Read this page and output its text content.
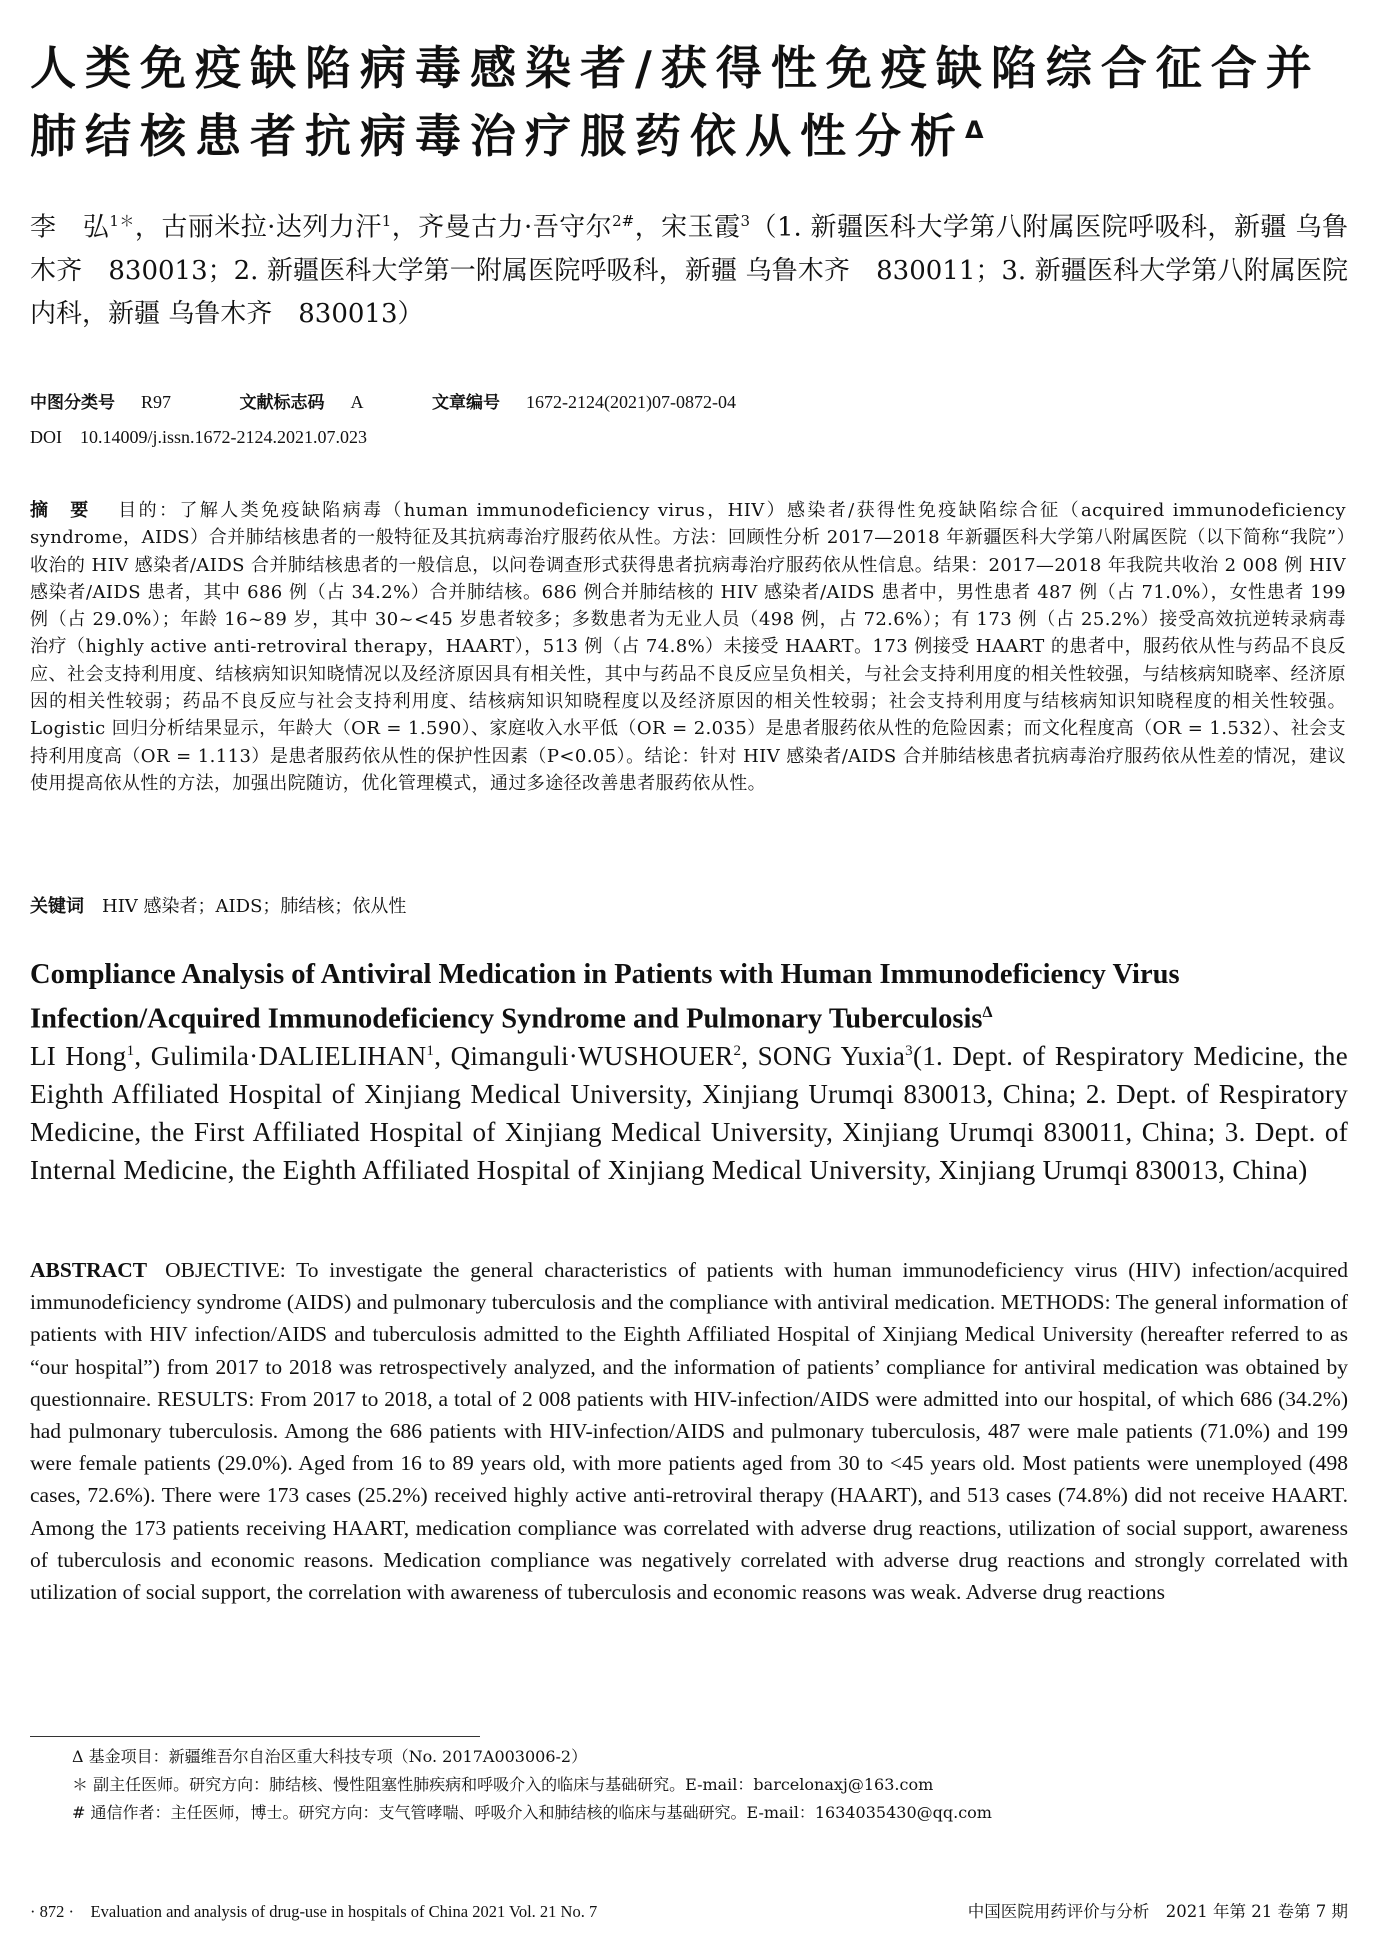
人类免疫缺陷病毒感染者/获得性免疫缺陷综合征合并肺结核患者抗病毒治疗服药依从性分析$^\Delta$

李　弘$^{1*}$，古丽米拉·达列力汗$^1$，齐曼古力·吾守尔$^{2\#}$，宋玉霞$^3$（1. 新疆医科大学第八附属医院呼吸科，新疆 乌鲁木齐　830013；2. 新疆医科大学第一附属医院呼吸科，新疆 乌鲁木齐　830011；3. 新疆医科大学第八附属医院内科，新疆 乌鲁木齐　830013）

中图分类号 R97	文献标志码 A	文章编号 1672-2124(2021)07-0872-04
DOI 10.14009/j.issn.1672-2124.2021.07.023

摘 要 目的：了解人类免疫缺陷病毒（human immunodeficiency virus，HIV）感染者/获得性免疫缺陷综合征（acquired immunodeficiency syndrome，AIDS）合并肺结核患者的一般特征及其抗病毒治疗服药依从性。方法：回顾性分析 2017—2018 年新疆医科大学第八附属医院（以下简称“我院”）收治的 HIV 感染者/AIDS 合并肺结核患者的一般信息，以问卷调查形式获得患者抗病毒治疗服药依从性信息。结果：2017—2018 年我院共收治 2 008 例 HIV 感染者/AIDS 患者，其中 686 例（占 34.2%）合并肺结核。686 例合并肺结核的 HIV 感染者/AIDS 患者中，男性患者 487 例（占 71.0%），女性患者 199 例（占 29.0%）；年龄 16~89 岁，其中 30~<45 岁患者较多；多数患者为无业人员（498 例，占 72.6%）；有 173 例（占 25.2%）接受高效抗逆转录病毒治疗（highly active anti-retroviral therapy，HAART），513 例（占 74.8%）未接受 HAART。173 例接受 HAART 的患者中，服药依从性与药品不良反应、社会支持利用度、结核病知识知晓情况以及经济原因具有相关性，其中与药品不良反应呈负相关，与社会支持利用度的相关性较强，与结核病知晓率、经济原因的相关性较弱；药品不良反应与社会支持利用度、结核病知识知晓程度以及经济原因的相关性较弱；社会支持利用度与结核病知识知晓程度的相关性较强。Logistic 回归分析结果显示，年龄大（OR = 1.590）、家庭收入水平低（OR = 2.035）是患者服药依从性的危险因素；而文化程度高（OR = 1.532）、社会支持利用度高（OR = 1.113）是患者服药依从性的保护性因素（P<0.05）。结论：针对 HIV 感染者/AIDS 合并肺结核患者抗病毒治疗服药依从性差的情况，建议使用提高依从性的方法，加强出院随访，优化管理模式，通过多途径改善患者服药依从性。

关键词 HIV 感染者；AIDS；肺结核；依从性
Compliance Analysis of Antiviral Medication in Patients with Human Immunodeficiency Virus Infection/Acquired Immunodeficiency Syndrome and Pulmonary Tuberculosis$^\Delta$

LI Hong$^1$, $Gulimila\cdot DALIELIHAN^1$, $Qimanguli\cdot WUSHOUER^2$, SONG Yuxia$^3$(1. Dept. of Respiratory Medicine, the Eighth Affiliated Hospital of Xinjiang Medical University, Xinjiang Urumqi 830013, China; 2. Dept. of Respiratory Medicine, the First Affiliated Hospital of Xinjiang Medical University, Xinjiang Urumqi 830011, China; 3. Dept. of Internal Medicine, the Eighth Affiliated Hospital of Xinjiang Medical University, Xinjiang Urumqi 830013, China)

ABSTRACT OBJECTIVE: To investigate the general characteristics of patients with human immunodeficiency virus (HIV) infection/acquired immunodeficiency syndrome (AIDS) and pulmonary tuberculosis and the compliance with antiviral medication. METHODS: The general information of patients with HIV infection/AIDS and tuberculosis admitted to the Eighth Affiliated Hospital of Xinjiang Medical University (hereafter referred to as “our hospital”) from 2017 to 2018 was retrospectively analyzed, and the information of patients’ compliance for antiviral medication was obtained by questionnaire. RESULTS: From 2017 to 2018, a total of 2 008 patients with HIV-infection/AIDS were admitted into our hospital, of which 686 (34.2%) had pulmonary tuberculosis. Among the 686 patients with HIV-infection/AIDS and pulmonary tuberculosis, 487 were male patients (71.0%) and 199 were female patients (29.0%). Aged from 16 to 89 years old, with more patients aged from 30 to <45 years old. Most patients were unemployed (498 cases, 72.6%). There were 173 cases (25.2%) received highly active anti-retroviral therapy (HAART), and 513 cases (74.8%) did not receive HAART. Among the 173 patients receiving HAART, medication compliance was correlated with adverse drug reactions, utilization of social support, awareness of tuberculosis and economic reasons. Medication compliance was negatively correlated with adverse drug reactions and strongly correlated with utilization of social support, the correlation with awareness of tuberculosis and economic reasons was weak. Adverse drug reactions

Δ 基金项目：新疆维吾尔自治区重大科技专项（No. 2017A003006-2）
＊ 副主任医师。研究方向：肺结核、慢性阻塞性肺疾病和呼吸介入的临床与基础研究。E-mail：barcelonaxj@163.com
# 通信作者：主任医师，博士。研究方向：支气管哮喘、呼吸介入和肺结核的临床与基础研究。E-mail：1634035430@qq.com
· 872 ·　Evaluation and analysis of drug-use in hospitals of China 2021 Vol. 21 No. 7	中国医院用药评价与分析　2021 年第 21 卷第 7 期
